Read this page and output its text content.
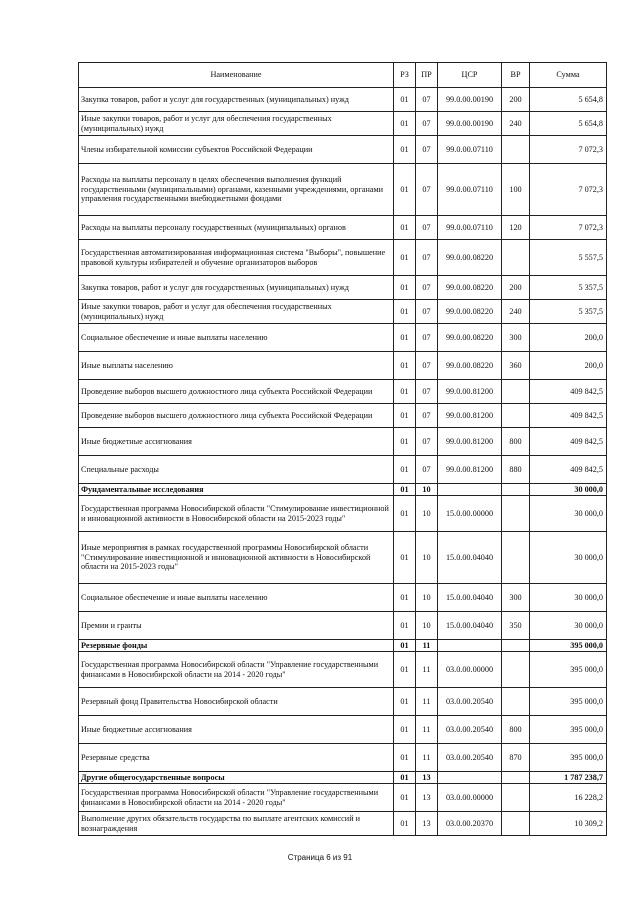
Наименование	РЗ	ПР	ЦСР	ВР	Сумма
Закупка товаров, работ и услуг для государственных (муниципальных) нужд	01	07	99.0.00.00190	200	5 654,8
Иные закупки товаров, работ и услуг для обеспечения государственных (муниципальных) нужд	01	07	99.0.00.00190	240	5 654,8
Члены избирательной комиссии субъектов Российской Федерации	01	07	99.0.00.07110		7 072,3
Расходы на выплаты персоналу в целях обеспечения выполнения функций государственными (муниципальными) органами, казенными учреждениями, органами управления государственными внебюджетными фондами	01	07	99.0.00.07110	100	7 072,3
Расходы на выплаты персоналу государственных (муниципальных) органов	01	07	99.0.00.07110	120	7 072,3
Государственная автоматизированная информационная система "Выборы", повышение правовой культуры избирателей и обучение организаторов выборов	01	07	99.0.00.08220		5 557,5
Закупка товаров, работ и услуг для государственных (муниципальных) нужд	01	07	99.0.00.08220	200	5 357,5
Иные закупки товаров, работ и услуг для обеспечения государственных (муниципальных) нужд	01	07	99.0.00.08220	240	5 357,5
Социальное обеспечение и иные выплаты населению	01	07	99.0.00.08220	300	200,0
Иные выплаты населению	01	07	99.0.00.08220	360	200,0
Проведение выборов высшего должностного лица субъекта Российской Федерации	01	07	99.0.00.81200		409 842,5
Проведение выборов высшего должностного лица субъекта Российской Федерации	01	07	99.0.00.81200		409 842,5
Иные бюджетные ассигнования	01	07	99.0.00.81200	800	409 842,5
Специальные расходы	01	07	99.0.00.81200	880	409 842,5
Фундаментальные исследования	01	10			30 000,0
Государственная программа Новосибирской области "Стимулирование инвестиционной и инновационной активности в Новосибирской области на 2015-2023 годы"	01	10	15.0.00.00000		30 000,0
Иные мероприятия в рамках государственной программы Новосибирской области "Стимулирование инвестиционной и инновационной активности в Новосибирской области на 2015-2023 годы"	01	10	15.0.00.04040		30 000,0
Социальное обеспечение и иные выплаты населению	01	10	15.0.00.04040	300	30 000,0
Премии и гранты	01	10	15.0.00.04040	350	30 000,0
Резервные фонды	01	11			395 000,0
Государственная программа Новосибирской области "Управление государственными финансами в Новосибирской области на 2014 - 2020 годы"	01	11	03.0.00.00000		395 000,0
Резервный фонд Правительства Новосибирской области	01	11	03.0.00.20540		395 000,0
Иные бюджетные ассигнования	01	11	03.0.00.20540	800	395 000,0
Резервные средства	01	11	03.0.00.20540	870	395 000,0
Другие общегосударственные вопросы	01	13			1 787 238,7
Государственная программа Новосибирской области "Управление государственными финансами в Новосибирской области на 2014 - 2020 годы"	01	13	03.0.00.00000		16 228,2
Выполнение других обязательств государства по выплате агентских комиссий и вознаграждения	01	13	03.0.00.20370		10 309,2
Страница 6 из 91
